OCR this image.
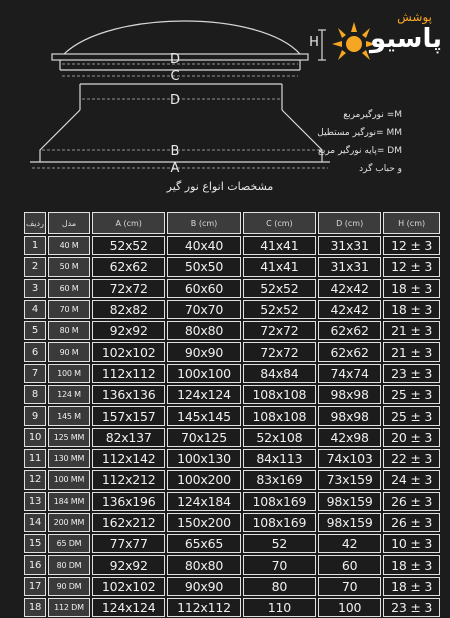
D
C
D
B
A
H
پوشش
پاسیو
M= نورگیرمربع
MM =نورگیر مستطیل
DM =پایه نورگیر مربع
و حباب گرد
مشخصات انواع نور گیر
ردیف	مدل	A (cm)	B (cm)	C (cm)	D (cm)	H (cm)
1	40 M	52x52	40x40	41x41	31x31	12 ± 3
2	50 M	62x62	50x50	41x41	31x31	12 ± 3
3	60 M	72x72	60x60	52x52	42x42	18 ± 3
4	70 M	82x82	70x70	52x52	42x42	18 ± 3
5	80 M	92x92	80x80	72x72	62x62	21 ± 3
6	90 M	102x102	90x90	72x72	62x62	21 ± 3
7	100 M	112x112	100x100	84x84	74x74	23 ± 3
8	124 M	136x136	124x124	108x108	98x98	25 ± 3
9	145 M	157x157	145x145	108x108	98x98	25 ± 3
10	125 MM	82x137	70x125	52x108	42x98	20 ± 3
11	130 MM	112x142	100x130	84x113	74x103	22 ± 3
12	100 MM	112x212	100x200	83x169	73x159	24 ± 3
13	184 MM	136x196	124x184	108x169	98x159	26 ± 3
14	200 MM	162x212	150x200	108x169	98x159	26 ± 3
15	65 DM	77x77	65x65	52	42	10 ± 3
16	80 DM	92x92	80x80	70	60	18 ± 3
17	90 DM	102x102	90x90	80	70	18 ± 3
18	112 DM	124x124	112x112	110	100	23 ± 3
